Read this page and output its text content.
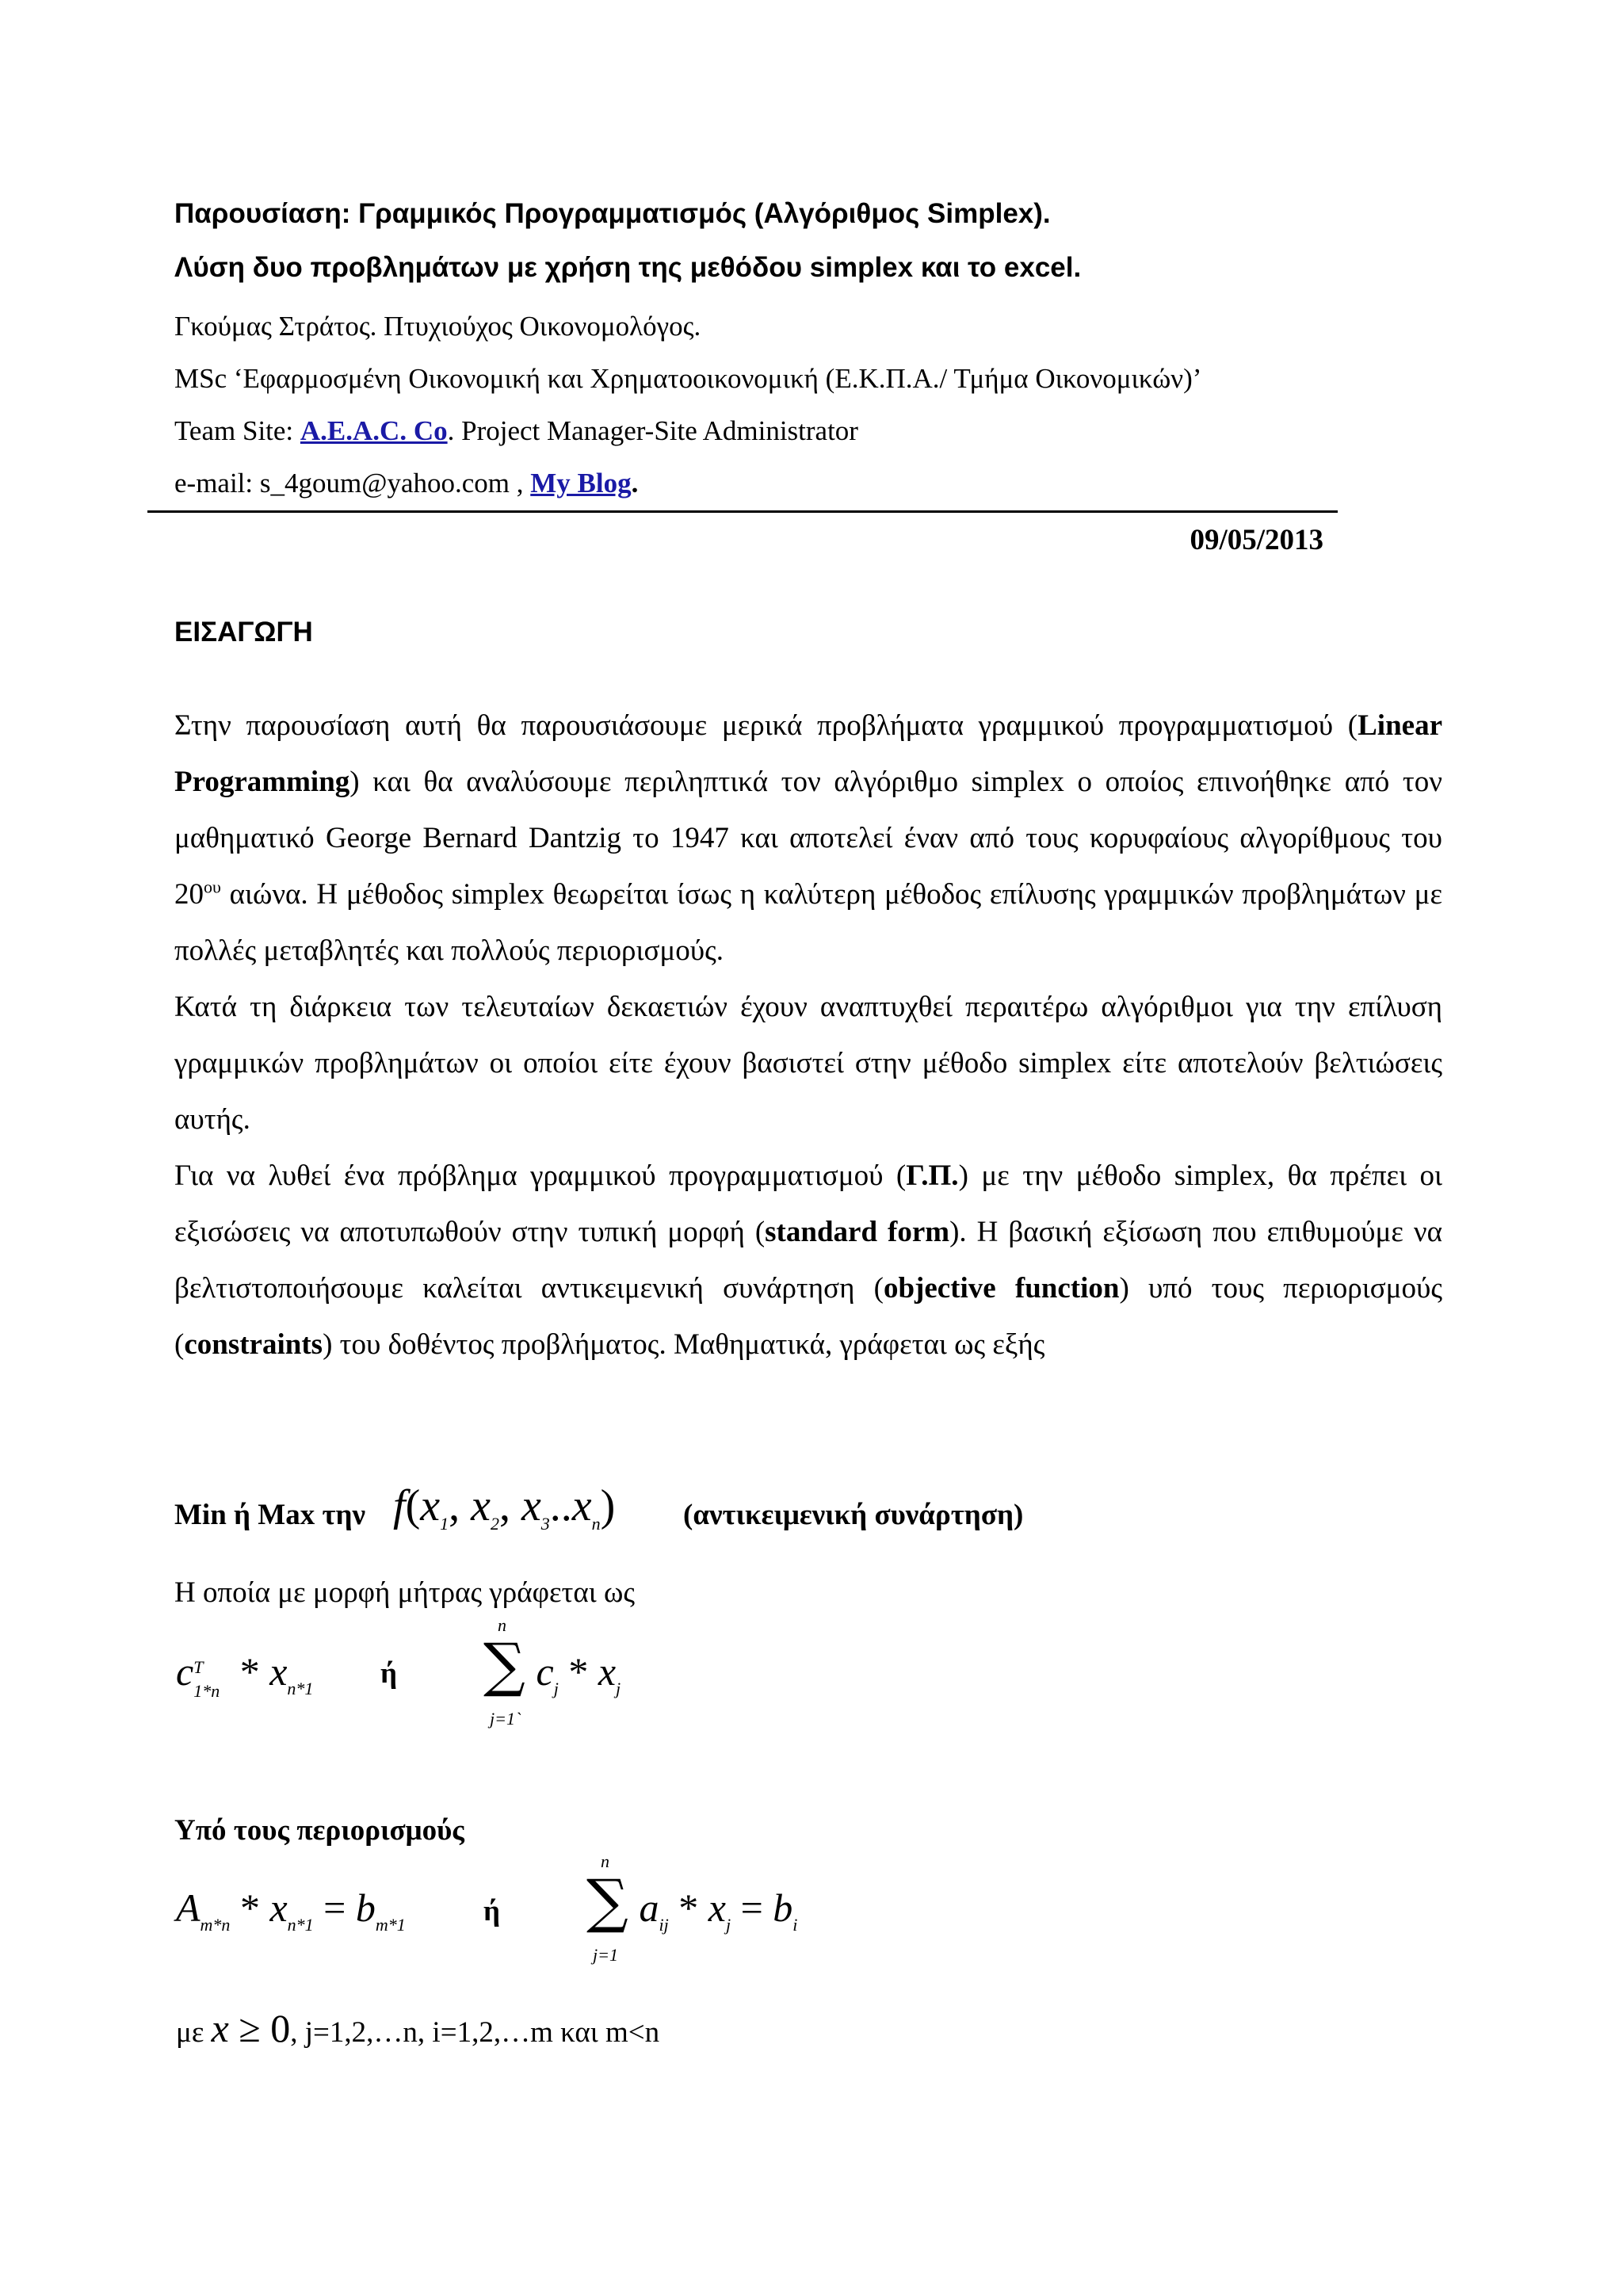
Παρουσίαση: Γραμμικός Προγραμματισμός (Αλγόριθμος Simplex).
Λύση δυο προβλημάτων με χρήση της μεθόδου simplex και το excel.
Γκούμας Στράτος. Πτυχιούχος Οικονομολόγος.
MSc ‘Εφαρμοσμένη Οικονομική και Χρηματοοικονομική (Ε.Κ.Π.Α./ Τμήμα Οικονομικών)’
Team Site: A.E.A.C. Co. Project Manager-Site Administrator
e-mail: s_4goum@yahoo.com , My Blog.
09/05/2013
ΕΙΣΑΓΩΓΗ

Στην παρουσίαση αυτή θα παρουσιάσουμε μερικά προβλήματα γραμμικού προγραμματισμού (Linear Programming) και θα αναλύσουμε περιληπτικά τον αλγόριθμο simplex ο οποίος επινοήθηκε από τον μαθηματικό George Bernard Dantzig το 1947 και αποτελεί έναν από τους κορυφαίους αλγορίθμους του $20^{o\upsilon}$ αιώνα. Η μέθοδος simplex θεωρείται ίσως η καλύτερη μέθοδος επίλυσης γραμμικών προβλημάτων με πολλές μεταβλητές και πολλούς περιορισμούς.

Κατά τη διάρκεια των τελευταίων δεκαετιών έχουν αναπτυχθεί περαιτέρω αλγόριθμοι για την επίλυση γραμμικών προβλημάτων οι οποίοι είτε έχουν βασιστεί στην μέθοδο simplex είτε αποτελούν βελτιώσεις αυτής.

Για να λυθεί ένα πρόβλημα γραμμικού προγραμματισμού (Γ.Π.) με την μέθοδο simplex, θα πρέπει οι εξισώσεις να αποτυπωθούν στην τυπική μορφή (standard form). Η βασική εξίσωση που επιθυμούμε να βελτιστοποιήσουμε καλείται αντικειμενική συνάρτηση (objective function) υπό τους περιορισμούς (constraints) του δοθέντος προβλήματος. Μαθηματικά, γράφεται ως εξής

Min ή Max την $f(x_1$, $x_2$, $x_3..x_n$) (αντικειμενική συνάρτηση)
Η οποία με μορφή μήτρας γράφεται ως
c T
$1*n * x_{n*1}$ ή
n
∑
j=1`
$c_j * x_j$
Υπό τους περιορισμούς
$A_{m*n} * x_{n*1} = b_{m*1}$	ή
n
∑
j=1
$a_{ij} * x_j = b_i$
με x ≥ 0, j=1,2,…n, i=1,2,…m και m<n
